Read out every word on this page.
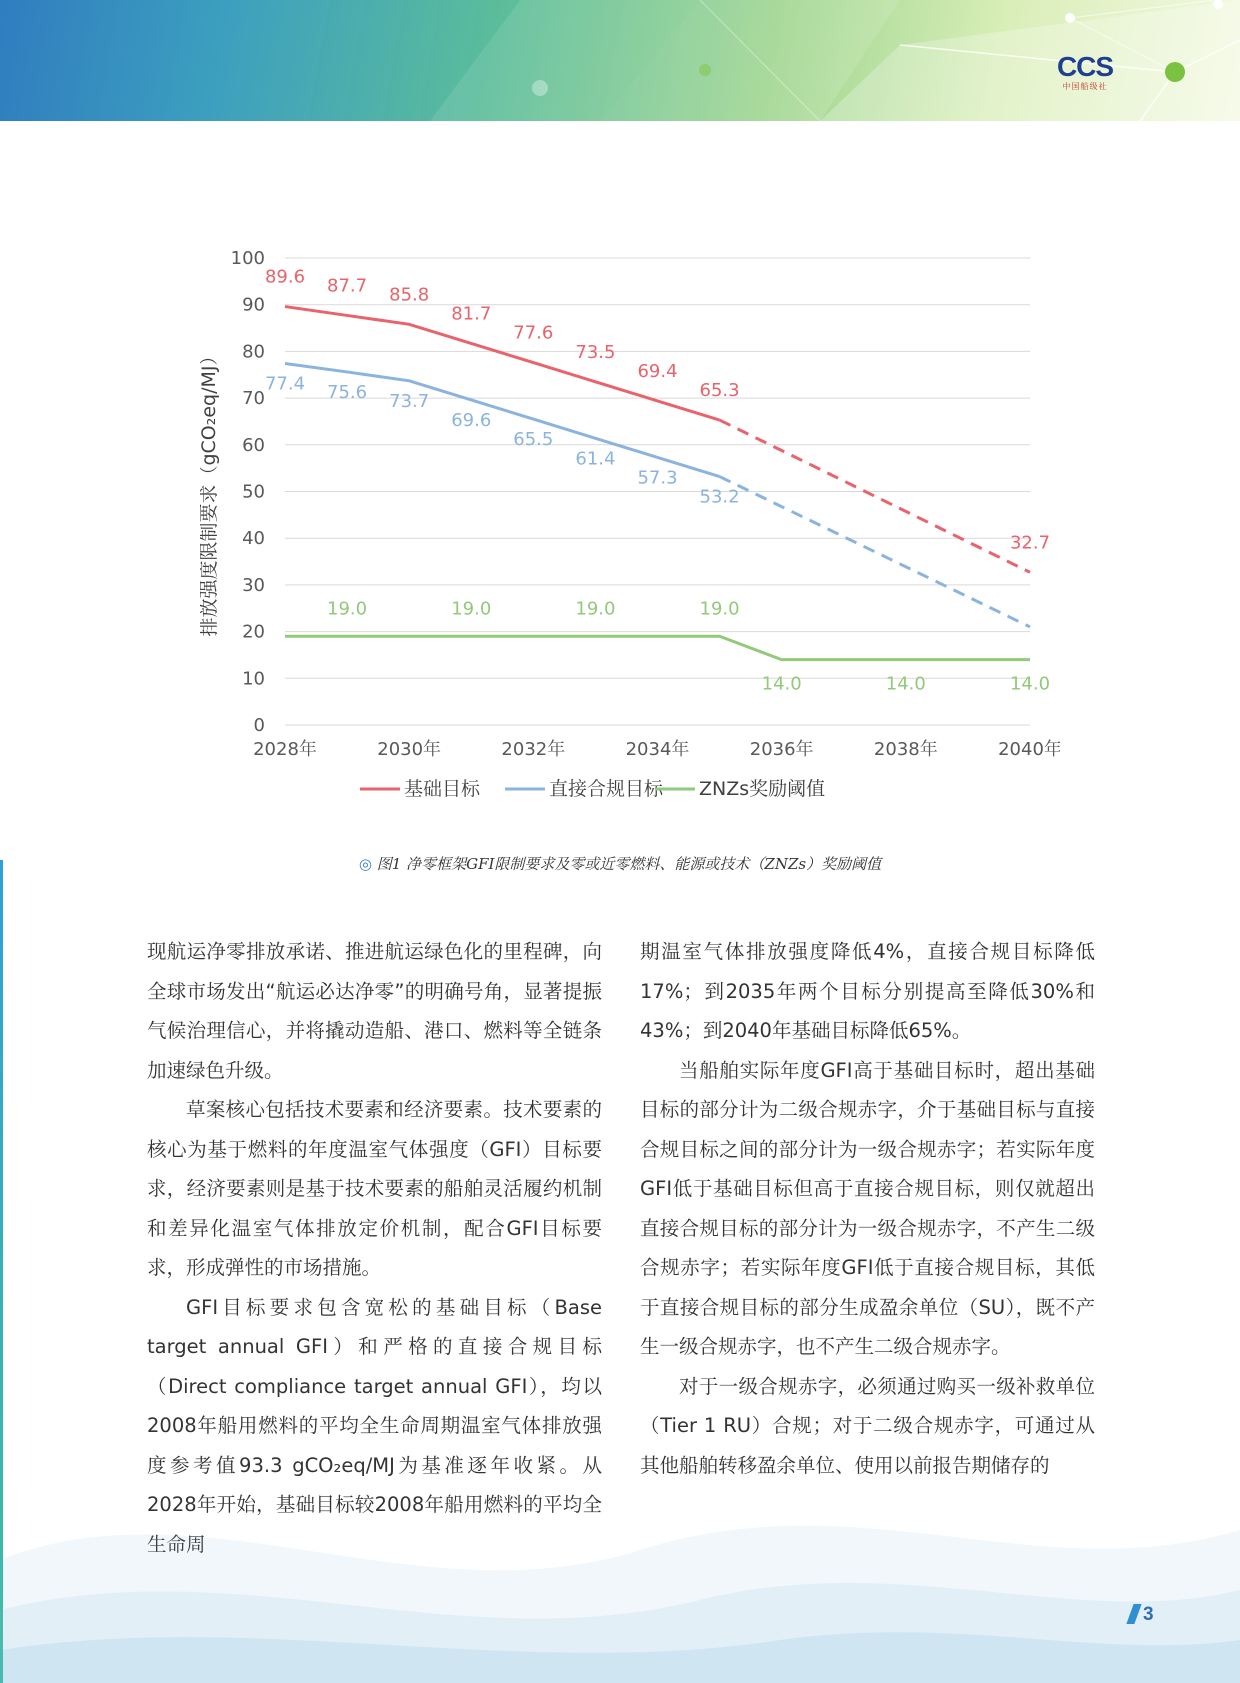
CCS
中国船级社
0
10
20
30
40
50
60
70
80
90
100
2028年	2030年	2032年	2034年	2036年	2038年	2040年
排放强度限制要求（gCO₂eq/MJ）
89.6 87.7 85.8
81.7
77.6
73.5
69.4
65.3
32.7
77.4 75.6 73.7
69.6
65.5
61.4
57.3
53.2
19.0	19.0	19.0	19.0
14.0	14.0	14.0
基础目标	直接合规目标 ZNZs奖励阈值
◎ 图1 净零框架GFI限制要求及零或近零燃料、能源或技术（ZNZs）奖励阈值

现航运净零排放承诺、推进航运绿色化的里程碑，向全球市场发出“航运必达净零”的明确号角，显著提振气候治理信心，并将撬动造船、港口、燃料等全链条加速绿色升级。

草案核心包括技术要素和经济要素。技术要素的核心为基于燃料的年度温室气体强度（GFI）目标要求，经济要素则是基于技术要素的船舶灵活履约机制和差异化温室气体排放定价机制，配合GFI目标要求，形成弹性的市场措施。

GFI目标要求包含宽松的基础目标（Base target annual GFI）和严格的直接合规目标（Direct compliance target annual GFI），均以2008年船用燃料的平均全生命周期温室气体排放强度参考值93.3 gCO₂eq/MJ为基准逐年收紧。从2028年开始，基础目标较2008年船用燃料的平均全

期温室气体排放强度降低4%，直接合规目标降低17%；到2035年两个目标分别提高至降低30%和43%；到2040年基础目标降低65%。

当船舶实际年度GFI高于基础目标时，超出基础目标的部分计为二级合规赤字，介于基础目标与直接合规目标之间的部分计为一级合规赤字；若实际年度GFI低于基础目标但高于直接合规目标，则仅就超出直接合规目标的部分计为一级合规赤字，不产生二级合规赤字；若实际年度GFI低于直接合规目标，其低于直接合规目标的部分生成盈余单位（SU），既不产生一级合规赤字，也不产生二级合规赤字。

对于一级合规赤字，必须通过购买一级补救单位（Tier 1 RU）合规；对于二级合规赤字，可通过从其他船舶转移盈余单位、使用以前报告期储存的

3
